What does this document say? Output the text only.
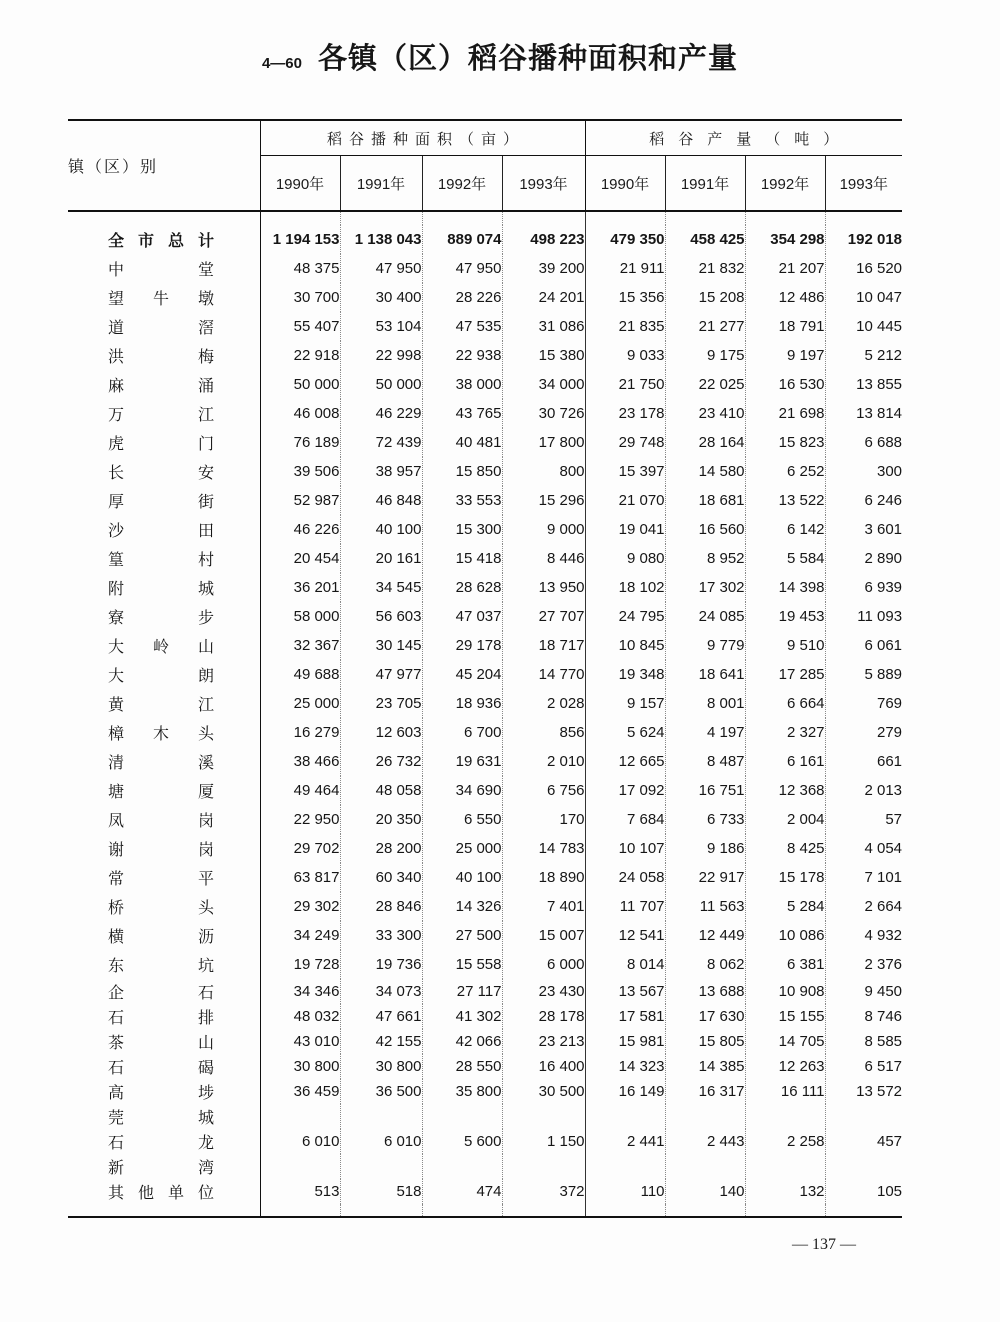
4—60 各镇（区）稻谷播种面积和产量
镇（区）别	稻谷播种面积（亩）				稻谷产量（吨）			
	1990年	1991年	1992年	1993年	1990年	1991年	1992年	1993年

全市总计	1 194 153	1 138 043	889 074	498 223	479 350	458 425	354 298	192 018
中堂	48 375	47 950	47 950	39 200	21 911	21 832	21 207	16 520
望牛墩	30 700	30 400	28 226	24 201	15 356	15 208	12 486	10 047
道滘	55 407	53 104	47 535	31 086	21 835	21 277	18 791	10 445
洪梅	22 918	22 998	22 938	15 380	9 033	9 175	9 197	5 212
麻涌	50 000	50 000	38 000	34 000	21 750	22 025	16 530	13 855
万江	46 008	46 229	43 765	30 726	23 178	23 410	21 698	13 814
虎门	76 189	72 439	40 481	17 800	29 748	28 164	15 823	6 688
长安	39 506	38 957	15 850	800	15 397	14 580	6 252	300
厚街	52 987	46 848	33 553	15 296	21 070	18 681	13 522	6 246
沙田	46 226	40 100	15 300	9 000	19 041	16 560	6 142	3 601
篁村	20 454	20 161	15 418	8 446	9 080	8 952	5 584	2 890
附城	36 201	34 545	28 628	13 950	18 102	17 302	14 398	6 939
寮步	58 000	56 603	47 037	27 707	24 795	24 085	19 453	11 093
大岭山	32 367	30 145	29 178	18 717	10 845	9 779	9 510	6 061
大朗	49 688	47 977	45 204	14 770	19 348	18 641	17 285	5 889
黄江	25 000	23 705	18 936	2 028	9 157	8 001	6 664	769
樟木头	16 279	12 603	6 700	856	5 624	4 197	2 327	279
清溪	38 466	26 732	19 631	2 010	12 665	8 487	6 161	661
塘厦	49 464	48 058	34 690	6 756	17 092	16 751	12 368	2 013
凤岗	22 950	20 350	6 550	170	7 684	6 733	2 004	57
谢岗	29 702	28 200	25 000	14 783	10 107	9 186	8 425	4 054
常平	63 817	60 340	40 100	18 890	24 058	22 917	15 178	7 101
桥头	29 302	28 846	14 326	7 401	11 707	11 563	5 284	2 664
横沥	34 249	33 300	27 500	15 007	12 541	12 449	10 086	4 932
东坑	19 728	19 736	15 558	6 000	8 014	8 062	6 381	2 376
企石	34 346	34 073	27 117	23 430	13 567	13 688	10 908	9 450
石排	48 032	47 661	41 302	28 178	17 581	17 630	15 155	8 746
茶山	43 010	42 155	42 066	23 213	15 981	15 805	14 705	8 585
石碣	30 800	30 800	28 550	16 400	14 323	14 385	12 263	6 517
高埗	36 459	36 500	35 800	30 500	16 149	16 317	16 111	13 572
莞城								
石龙	6 010	6 010	5 600	1 150	2 441	2 443	2 258	457
新湾								
其他单位	513	518	474	372	110	140	132	105

— 137 —
